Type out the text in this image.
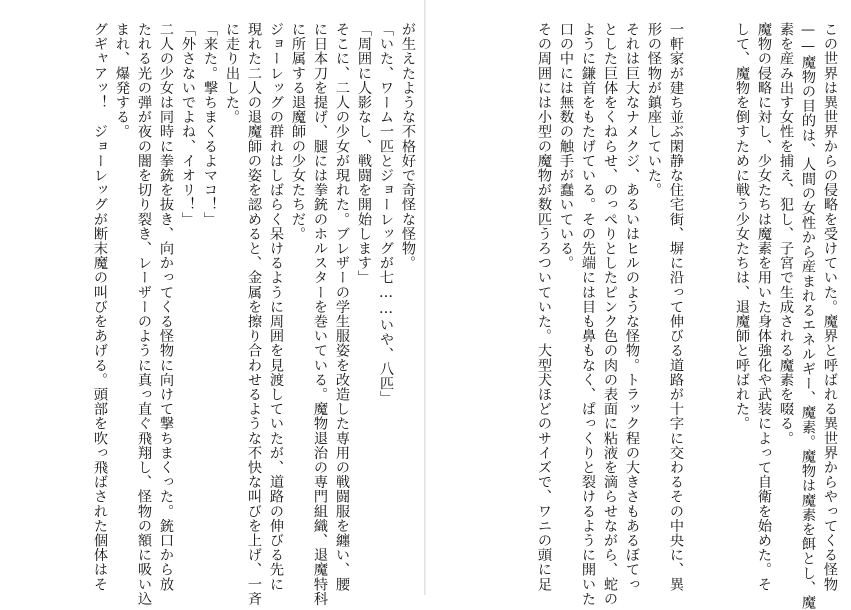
が生えたような不格好で奇怪な怪物。
「いた、ワーム一匹とジョーレッグが七……いや、八匹」
「周囲に人影なし、戦闘を開始します」
そこに、二人の少女が現れた。ブレザーの学生服姿を改造した専用の戦闘服を纏い、腰
に日本刀を提げ、腿には拳銃のホルスターを巻いている。魔物退治の専門組織、退魔特科
に所属する退魔師の少女たちだ。
ジョーレッグの群れはしばらく呆けるように周囲を見渡していたが、道路の伸びる先に
現れた二人の退魔師の姿を認めると、金属を擦り合わせるような不快な叫びを上げ、一斉
に走り出した。
「来た。撃ちまくるよマコ！」
「外さないでよね、イオリ！」
二人の少女は同時に拳銃を抜き、向かってくる怪物に向けて撃ちまくった。銃口から放
たれる光の弾が夜の闇を切り裂き、レーザーのように真っ直ぐ飛翔し、怪物の額に吸い込
まれ、爆発する。
グギャアッ！　ジョーレッグが断末魔の叫びをあげる。頭部を吹っ飛ばされた個体はそ	この世界は異世界からの侵略を受けていた。魔界と呼ばれる異世界からやってくる怪物
——魔物の目的は、人間の女性から産まれるエネルギー、魔素。魔物は魔素を餌とし、魔
素を産み出す女性を捕え、犯し、子宮で生成される魔素を啜る。
魔物の侵略に対し、少女たちは魔素を用いた身体強化や武装によって自衛を始めた。そ
して、魔物を倒すために戦う少女たちは、退魔師と呼ばれた。
一軒家が建ち並ぶ閑静な住宅街、塀に沿って伸びる道路が十字に交わるその中央に、異
形の怪物が鎮座していた。
それは巨大なナメクジ、あるいはヒルのような怪物。トラック程の大きさもあるぼてっ
とした巨体をくねらせ、のっぺりとしたピンク色の肉の表面に粘液を滴らせながら、蛇の
ように鎌首をもたげている。その先端には目も鼻もなく、ぱっくりと裂けるように開いた
口の中には無数の触手が蠢いている。
その周囲には小型の魔物が数匹うろついていた。大型犬ほどのサイズで、ワニの頭に足
